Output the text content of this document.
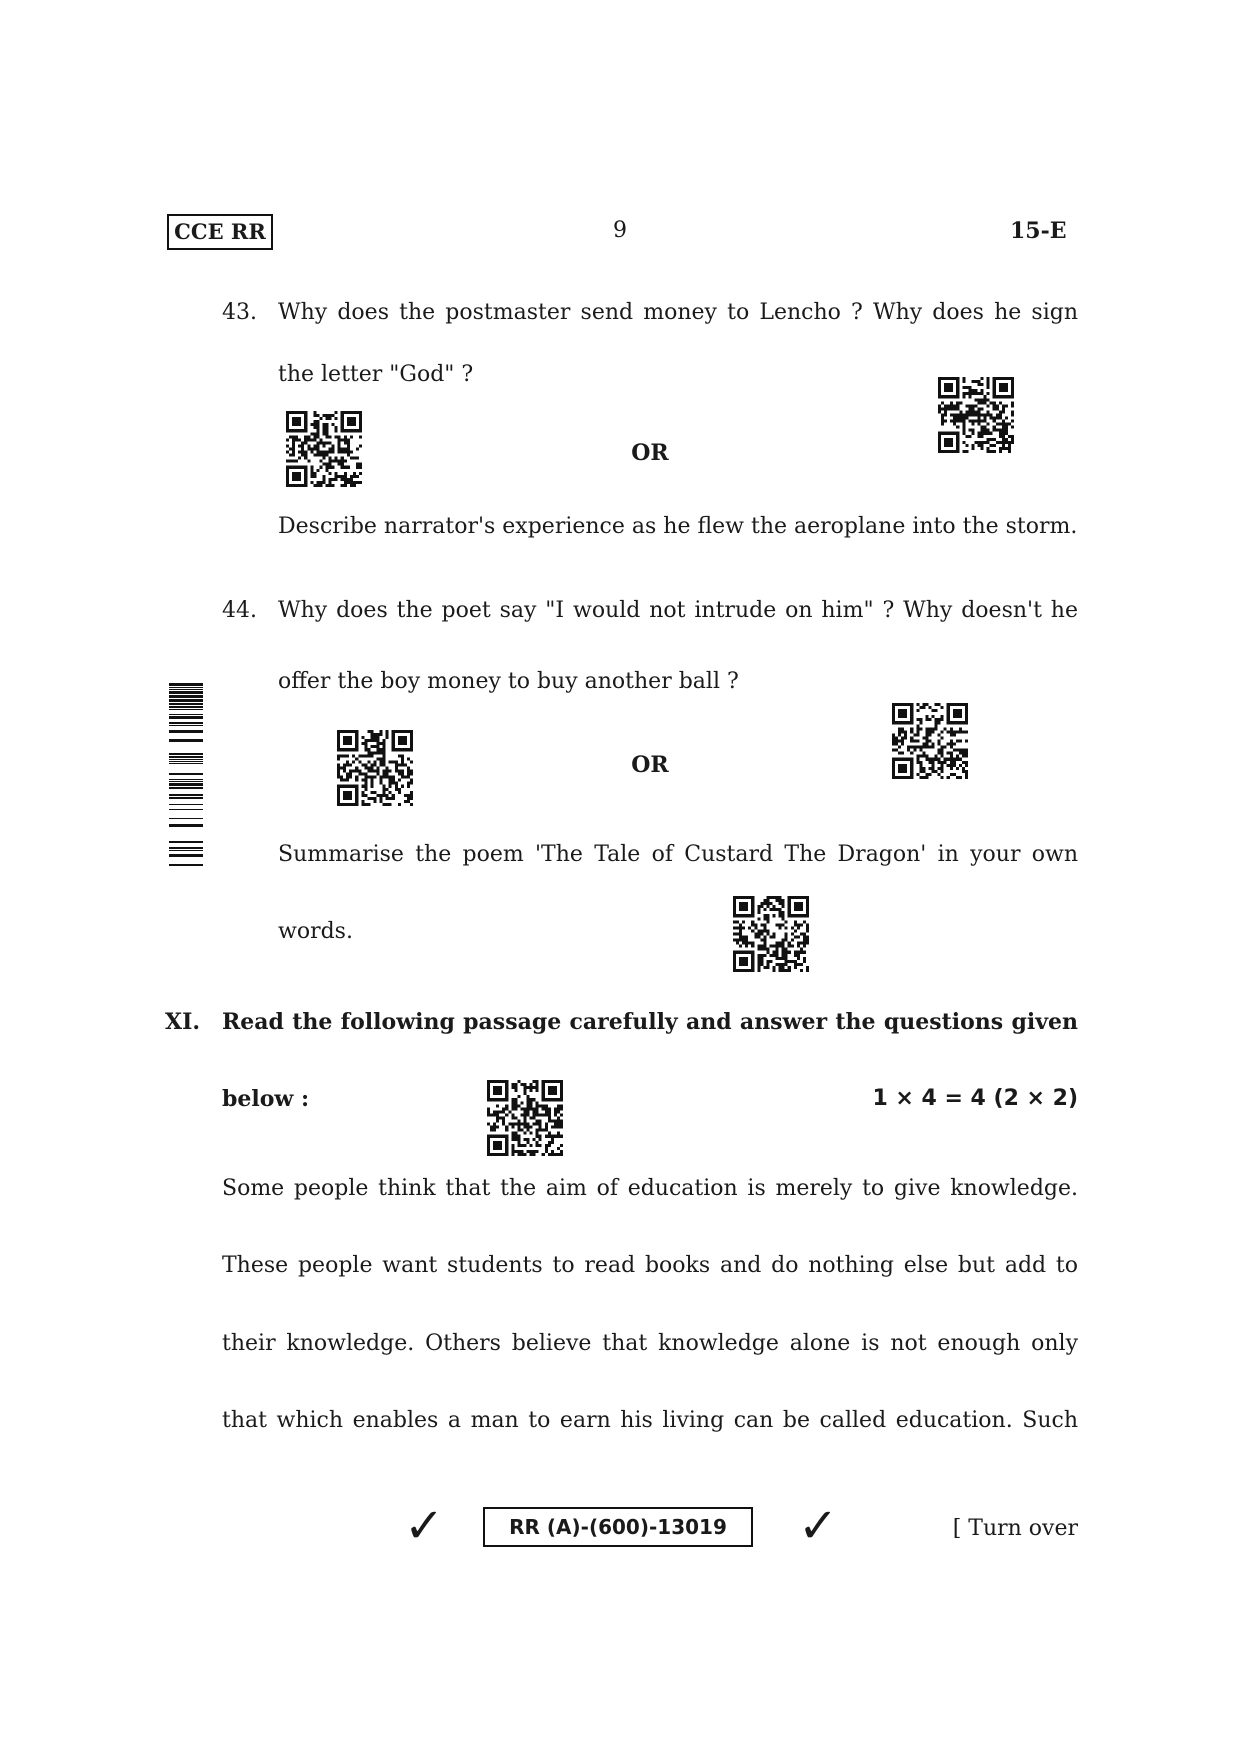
CCE RR	9	15-E
43. Why does the postmaster send money to Lencho ? Why does he sign
the letter "God" ?
OR
Describe narrator's experience as he flew the aeroplane into the storm.
44. Why does the poet say "I would not intrude on him" ? Why doesn't he
offer the boy money to buy another ball ?
OR
Summarise the poem 'The Tale of Custard The Dragon' in your own
words.
XI. Read the following passage carefully and answer the questions given
below :	1 × 4 = 4 (2 × 2)
Some people think that the aim of education is merely to give knowledge.
These people want students to read books and do nothing else but add to
their knowledge. Others believe that knowledge alone is not enough only
that which enables a man to earn his living can be called education. Such
✓	RR (A)-(600)-13019	✓	[ Turn over
